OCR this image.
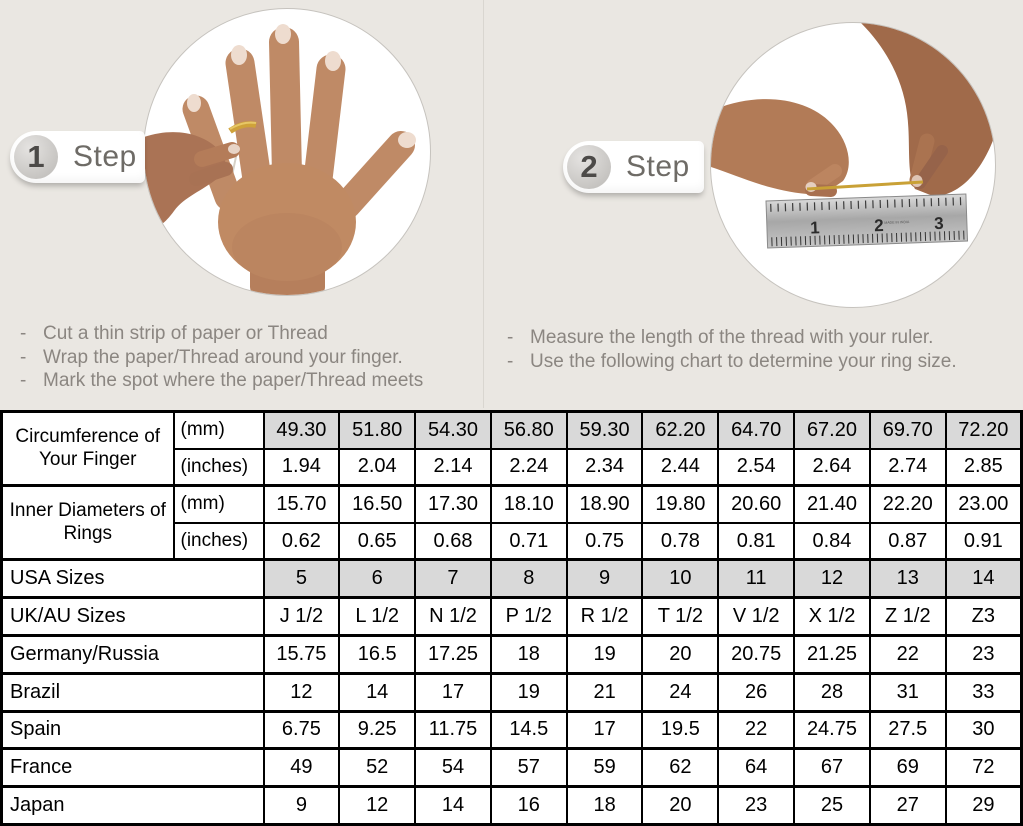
1	2	3
MADE IN INDIA
1 Step	2 Step
- Cut a thin strip of paper or Thread
- Wrap the paper/Thread around your finger.
- Mark the spot where the paper/Thread meets
- Measure the length of the thread with your ruler.
- Use the following chart to determine your ring size.
Circumference of Your Finger	(mm)	49.30	51.80	54.30	56.80	59.30	62.20	64.70	67.20	69.70	72.20
	(inches)	1.94	2.04	2.14	2.24	2.34	2.44	2.54	2.64	2.74	2.85
Inner Diameters of Rings	(mm)	15.70	16.50	17.30	18.10	18.90	19.80	20.60	21.40	22.20	23.00
	(inches)	0.62	0.65	0.68	0.71	0.75	0.78	0.81	0.84	0.87	0.91
USA Sizes		5	6	7	8	9	10	11	12	13	14
UK/AU Sizes		J 1/2	L 1/2	N 1/2	P 1/2	R 1/2	T 1/2	V 1/2	X 1/2	Z 1/2	Z3
Germany/Russia		15.75	16.5	17.25	18	19	20	20.75	21.25	22	23
Brazil		12	14	17	19	21	24	26	28	31	33
Spain		6.75	9.25	11.75	14.5	17	19.5	22	24.75	27.5	30
France		49	52	54	57	59	62	64	67	69	72
Japan		9	12	14	16	18	20	23	25	27	29
